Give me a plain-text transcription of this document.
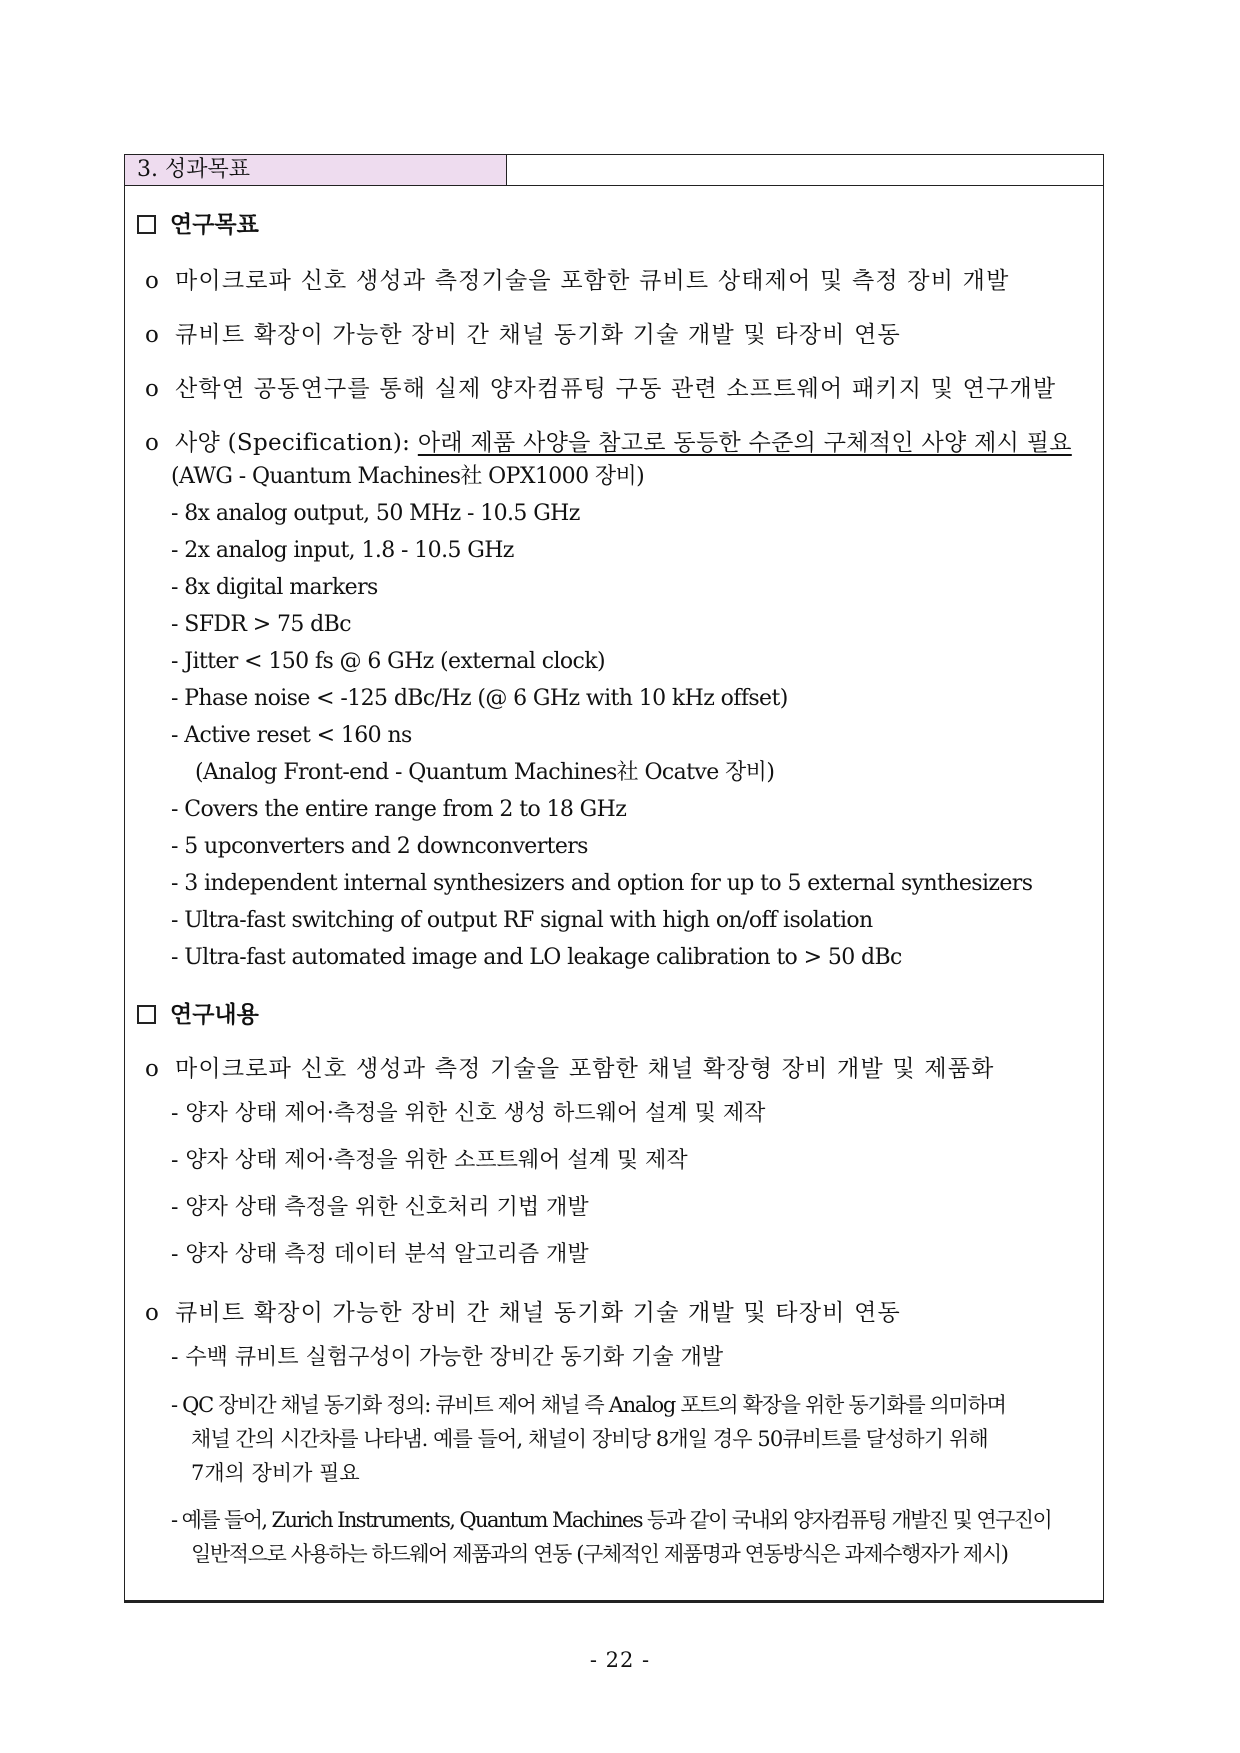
3. 성과목표
연구목표
ο 마이크로파 신호 생성과 측정기술을 포함한 큐비트 상태제어 및 측정 장비 개발
ο 큐비트 확장이 가능한 장비 간 채널 동기화 기술 개발 및 타장비 연동
ο 산학연 공동연구를 통해 실제 양자컴퓨팅 구동 관련 소프트웨어 패키지 및 연구개발
ο 사양 (Specification): 아래 제품 사양을 참고로 동등한 수준의 구체적인 사양 제시 필요
(AWG - Quantum Machines社 OPX1000 장비)
- 8x analog output, 50 MHz - 10.5 GHz
- 2x analog input, 1.8 - 10.5 GHz
- 8x digital markers
- SFDR > 75 dBc
- Jitter < 150 fs @ 6 GHz (external clock)
- Phase noise < -125 dBc/Hz (@ 6 GHz with 10 kHz offset)
- Active reset < 160 ns
(Analog Front-end - Quantum Machines社 Ocatve 장비)
- Covers the entire range from 2 to 18 GHz
- 5 upconverters and 2 downconverters
- 3 independent internal synthesizers and option for up to 5 external synthesizers
- Ultra-fast switching of output RF signal with high on/off isolation
- Ultra-fast automated image and LO leakage calibration to > 50 dBc
연구내용
ο 마이크로파 신호 생성과 측정 기술을 포함한 채널 확장형 장비 개발 및 제품화
- 양자 상태 제어·측정을 위한 신호 생성 하드웨어 설계 및 제작
- 양자 상태 제어·측정을 위한 소프트웨어 설계 및 제작
- 양자 상태 측정을 위한 신호처리 기법 개발
- 양자 상태 측정 데이터 분석 알고리즘 개발
ο 큐비트 확장이 가능한 장비 간 채널 동기화 기술 개발 및 타장비 연동
- 수백 큐비트 실험구성이 가능한 장비간 동기화 기술 개발
- QC 장비간 채널 동기화 정의: 큐비트 제어 채널 즉 Analog 포트의 확장을 위한 동기화를 의미하며
채널 간의 시간차를 나타냄. 예를 들어, 채널이 장비당 8개일 경우 50큐비트를 달성하기 위해
7개의 장비가 필요
- 예를 들어, Zurich Instruments, Quantum Machines 등과 같이 국내외 양자컴퓨팅 개발진 및 연구진이
일반적으로 사용하는 하드웨어 제품과의 연동 (구체적인 제품명과 연동방식은 과제수행자가 제시)
- 22 -
